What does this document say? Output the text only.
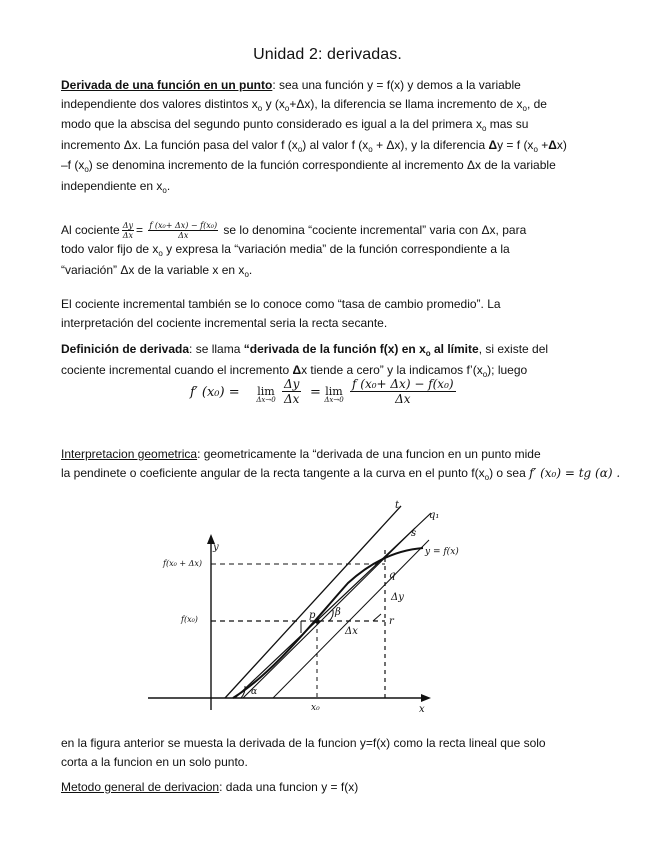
Unidad 2: derivadas.
Derivada de una función en un punto: sea una función y = f(x) y demos a la variable
independiente dos valores distintos $x_o$ y $(x_o+\Delta x)$, la diferencia se llama incremento de $x_o$, de
modo que la abscisa del segundo punto considerado es igual a la del primera $x_o$ mas su
incremento Δx. La función pasa del valor f $(x_o)$ al valor f $(x_o + \Delta x)$, y la diferencia Δy = f $(x_o +\Delta x)$
–f $(x_o)$ se denomina incremento de la función correspondiente al incremento Δx de la variable
independiente en $x_o$.
Al cociente $\frac{\Delta y}{\Delta x} = \frac{\text{f (x₀+ Δx) − f(x₀)}}{\Delta x}$ se lo denomina “cociente incremental” varia con Δx, para
todo valor fijo de $x_o$ y expresa la “variación media” de la función correspondiente a la
“variación” Δx de la variable x en $x_o$.
El cociente incremental también se lo conoce como “tasa de cambio promedio”. La
interpretación del cociente incremental seria la recta secante.
Definición de derivada: se llama “derivada de la función f(x) en $x_o$ al límite, si existe del
cociente incremental cuando el incremento Δx tiende a cero” y la indicamos $f’(x_o)$; luego
f′ (x₀) =	lim
$\Delta x\to 0 \frac{\Delta y}{\Delta x} = \lim$
$\Delta x\to 0 \frac{\text{f (x₀+ Δx) − f(x₀)}}{\Delta x}$
Interpretacion geometrica: geometricamente la “derivada de una funcion en un punto mide
la pendinete o coeficiente angular de la recta tangente a la curva en el punto $f(x_o)$ o sea f′ (x₀) = tg (α) .
y
x
t
q₁
s
y = f(x)
q
Δy
p β
Δx
r
f(x₀ + Δx)
f(x₀)
x₀
α
en la figura anterior se muesta la derivada de la funcion y=f(x) como la recta lineal que solo
corta a la funcion en un solo punto.
Metodo general de derivacion: dada una funcion y = f(x)
